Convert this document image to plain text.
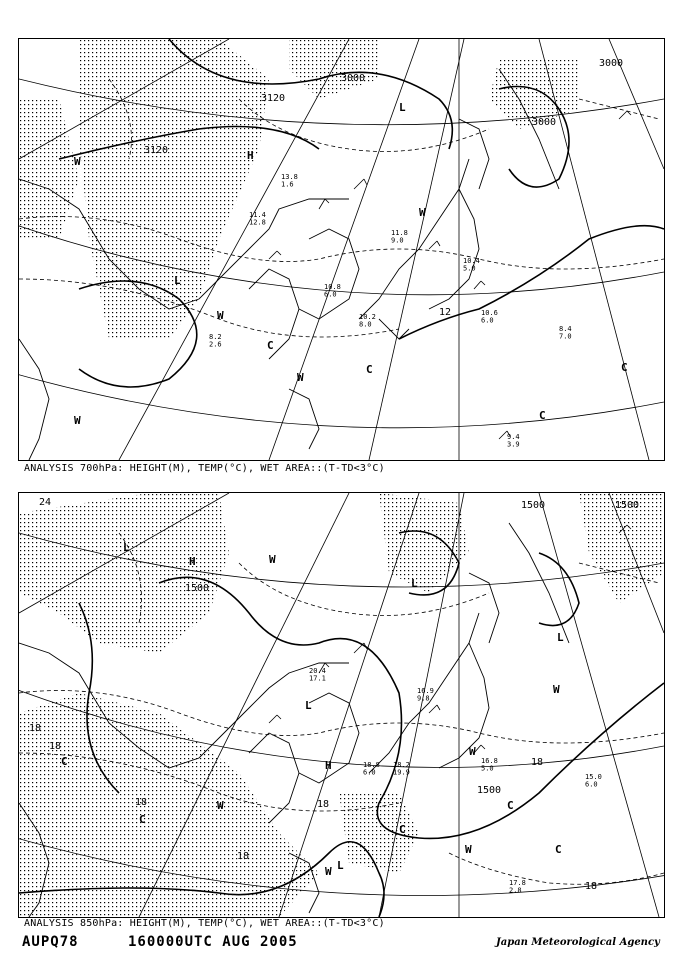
3000
3120
3000
3000
3120
12
W
W
L
H
W
L
W
C
C
C
C
W
10.6 6.0
8.4 7.0
9.4 3.9
10.2 8.0
11.8 9.0
10.4 5.0
13.8 1.6
10.8 6.0
11.4 12.8
8.2 2.6
ANALYSIS 700hPa: HEIGHT(M), TEMP(°C), WET AREA::(T-TD<3°C)
24
1500
1500	1500
1500
18
18
18	18
18
18
18
L
H
L
W
L
C
W
C
W
H
W
C
W
L
C
L
C
W
18.8 6.0
15.0 6.0
17.8 2.8
16.8 5.0
18.2 19.9
16.9 9.8
20.4 17.1
ANALYSIS 850hPa: HEIGHT(M), TEMP(°C), WET AREA::(T-TD<3°C)
AUPQ78	160000UTC AUG 2005	Japan Meteorological Agency
